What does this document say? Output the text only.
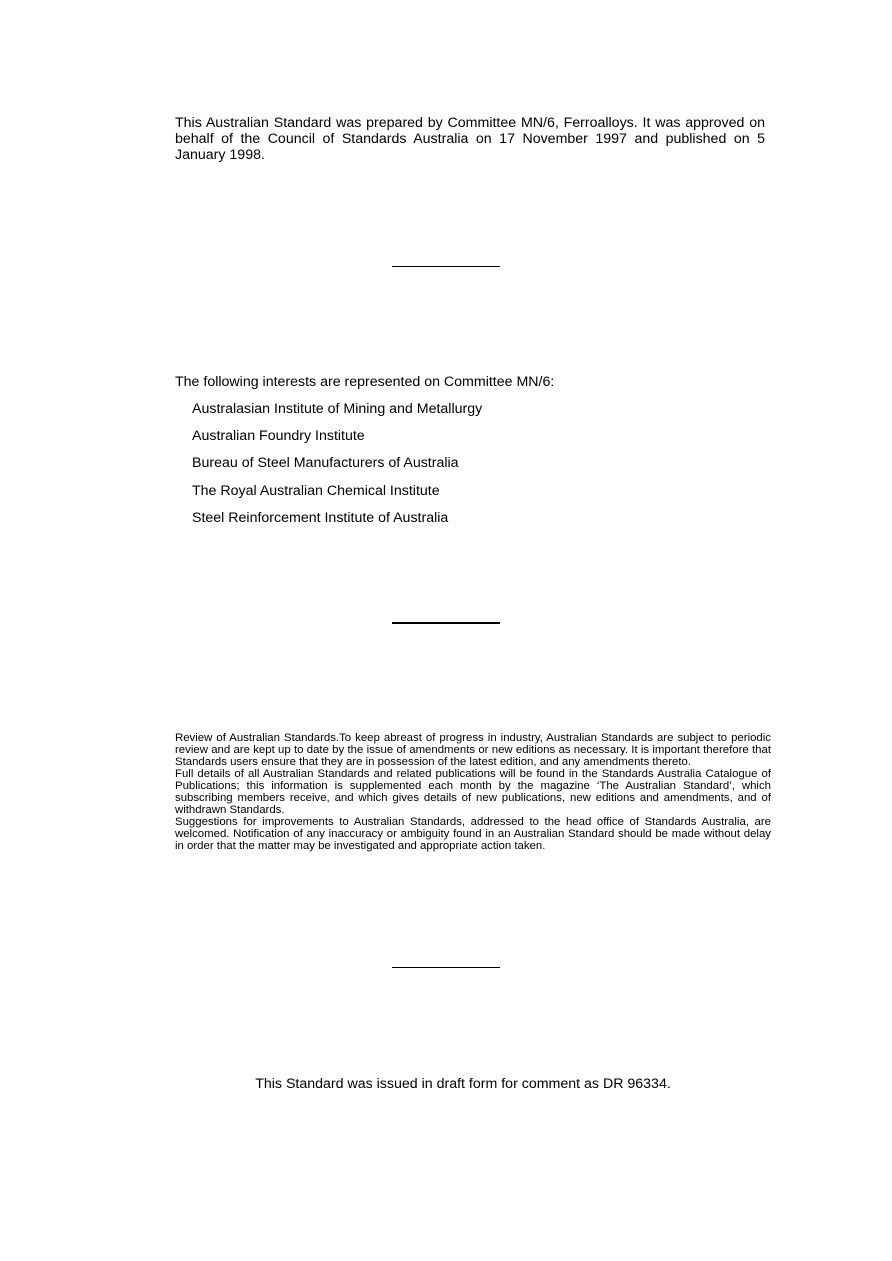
This Australian Standard was prepared by Committee MN/6, Ferroalloys. It was approved on behalf of the Council of Standards Australia on 17 November 1997 and published on 5 January 1998.
The following interests are represented on Committee MN/6:
Australasian Institute of Mining and Metallurgy
Australian Foundry Institute
Bureau of Steel Manufacturers of Australia
The Royal Australian Chemical Institute
Steel Reinforcement Institute of Australia

Review of Australian Standards.To keep abreast of progress in industry, Australian Standards are subject to periodic review and are kept up to date by the issue of amendments or new editions as necessary. It is important therefore that Standards users ensure that they are in possession of the latest edition, and any amendments thereto.

Full details of all Australian Standards and related publications will be found in the Standards Australia Catalogue of Publications; this information is supplemented each month by the magazine ‘The Australian Standard’, which subscribing members receive, and which gives details of new publications, new editions and amendments, and of withdrawn Standards.

Suggestions for improvements to Australian Standards, addressed to the head office of Standards Australia, are welcomed. Notification of any inaccuracy or ambiguity found in an Australian Standard should be made without delay in order that the matter may be investigated and appropriate action taken.

This Standard was issued in draft form for comment as DR 96334.
